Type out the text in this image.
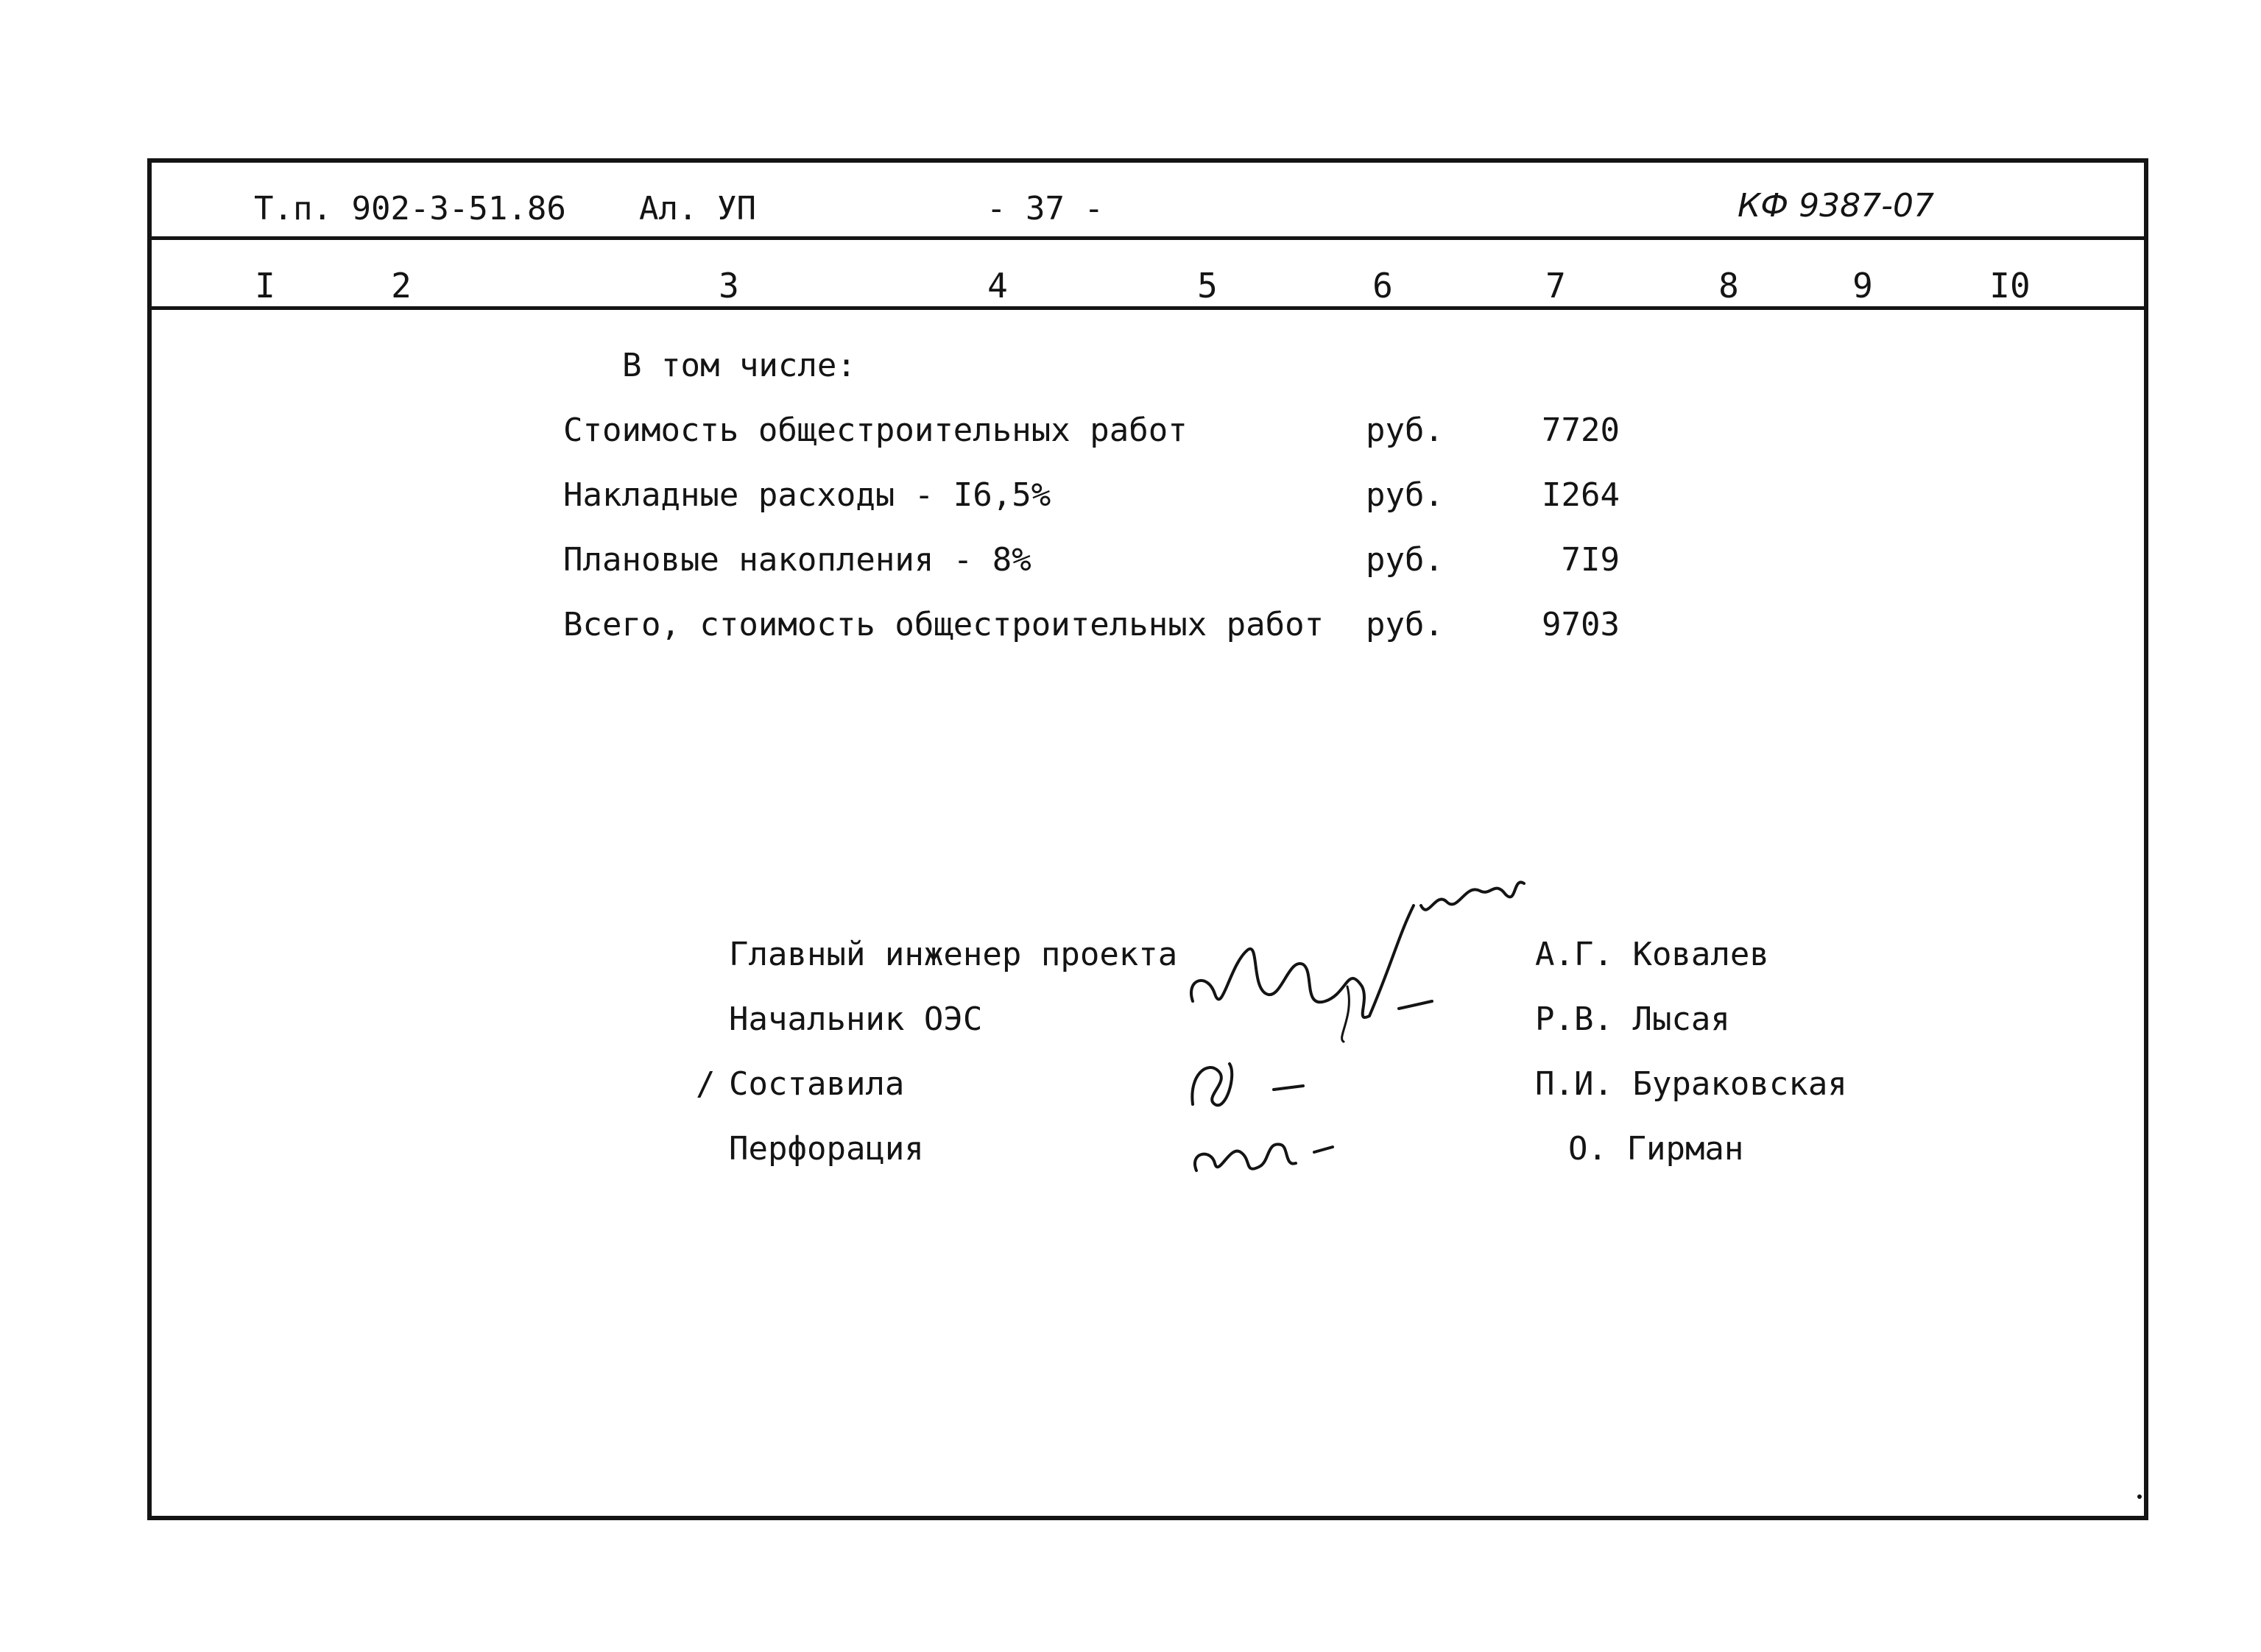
Т.п. 902-3-51.86 Ал. УП	- 37 -	КФ 9387-07
I	2	3	4	5	6	7	8	9	I0
В том числе:
Стоимость общестроительных работ	руб.	7720
Накладные расходы - I6,5%	руб.	I264
Плановые накопления - 8%	руб.	7I9
Всего, стоимость общестроительных работ руб.	9703
Главный инженер проекта	А.Г. Ковалев
Начальник ОЭС	Р.В. Лысая
/ Составила	П.И. Бураковская
Перфорация	О. Гирман
